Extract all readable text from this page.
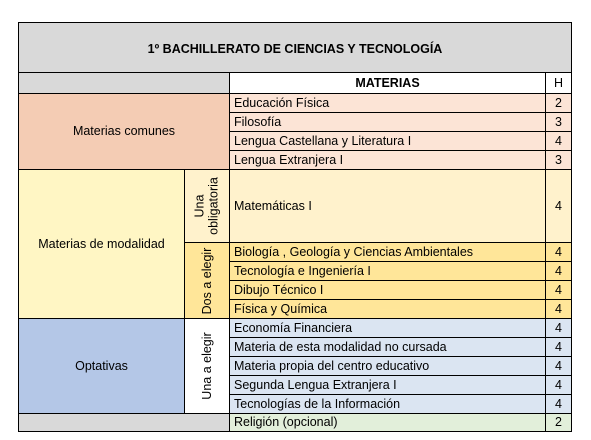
1º BACHILLERATO DE CIENCIAS Y TECNOLOGÍA			
		MATERIAS	H
Materias comunes		Educación Física	2
		Filosofía	3
		Lengua Castellana y Literatura I	4
		Lengua Extranjera I	3
Materias de modalidad	Una obligatoria	Matemáticas I	4

	Dos a elegir	Biología , Geología y Ciencias Ambientales	4
		Tecnología e Ingeniería I	4
		Dibujo Técnico I	4
		Física y Química	4
Optativas	Una a elegir	Economía Financiera	4
		Materia de esta modalidad no cursada	4
		Materia propia del centro educativo	4
		Segunda Lengua Extranjera I	4
		Tecnologías de la Información	4
		Religión (opcional)	2
